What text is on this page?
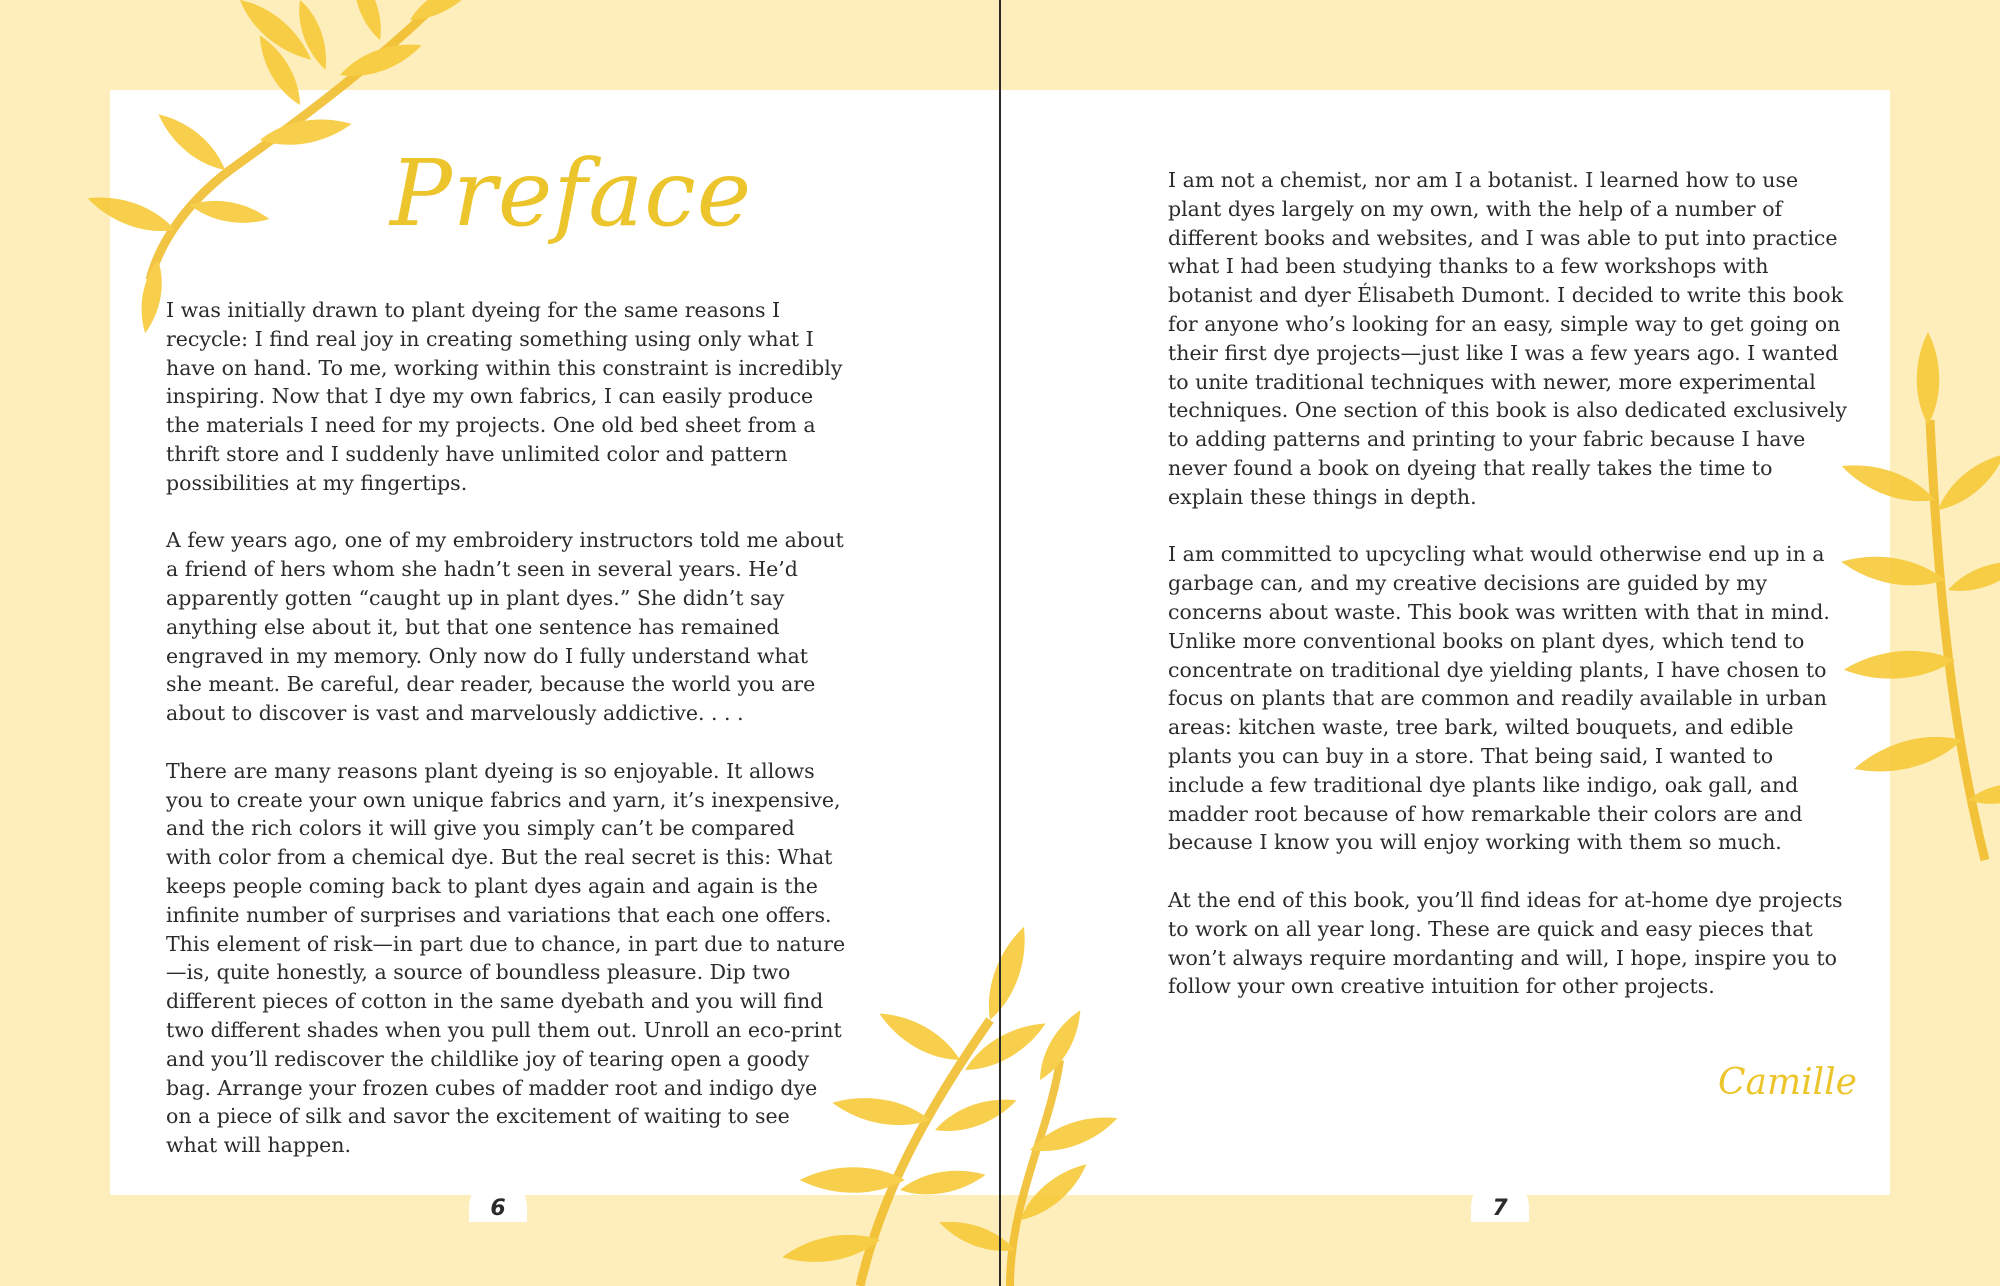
Preface

I was initially drawn to plant dyeing for the same reasons I recycle: I find real joy in creating something using only what I have on hand. To me, working within this constraint is incredibly inspiring. Now that I dye my own fabrics, I can easily produce the materials I need for my projects. One old bed sheet from a thrift store and I suddenly have unlimited color and pattern possibilities at my fingertips.

A few years ago, one of my embroidery instructors told me about a friend of hers whom she hadn’t seen in several years. He’d apparently gotten “caught up in plant dyes.” She didn’t say anything else about it, but that one sentence has remained engraved in my memory. Only now do I fully understand what she meant. Be careful, dear reader, because the world you are about to discover is vast and marvelously addictive. . . .

There are many reasons plant dyeing is so enjoyable. It allows you to create your own unique fabrics and yarn, it’s inexpensive, and the rich colors it will give you simply can’t be compared with color from a chemical dye. But the real secret is this: What keeps people coming back to plant dyes again and again is the infinite number of surprises and variations that each one offers. This element of risk—in part due to chance, in part due to nature—is, quite honestly, a source of boundless pleasure. Dip two different pieces of cotton in the same dyebath and you will find two different shades when you pull them out. Unroll an eco-print and you’ll rediscover the childlike joy of tearing open a goody bag. Arrange your frozen cubes of madder root and indigo dye on a piece of silk and savor the excitement of waiting to see what will happen.

I am not a chemist, nor am I a botanist. I learned how to use plant dyes largely on my own, with the help of a number of different books and websites, and I was able to put into practice what I had been studying thanks to a few workshops with botanist and dyer Élisabeth Dumont. I decided to write this book for anyone who’s looking for an easy, simple way to get going on their first dye projects—just like I was a few years ago. I wanted to unite traditional techniques with newer, more experimental techniques. One section of this book is also dedicated exclusively to adding patterns and printing to your fabric because I have never found a book on dyeing that really takes the time to explain these things in depth.

I am committed to upcycling what would otherwise end up in a garbage can, and my creative decisions are guided by my concerns about waste. This book was written with that in mind. Unlike more conventional books on plant dyes, which tend to concentrate on traditional dye yielding plants, I have chosen to focus on plants that are common and readily available in urban areas: kitchen waste, tree bark, wilted bouquets, and edible plants you can buy in a store. That being said, I wanted to include a few traditional dye plants like indigo, oak gall, and madder root because of how remarkable their colors are and because I know you will enjoy working with them so much.

At the end of this book, you’ll find ideas for at-home dye projects to work on all year long. These are quick and easy pieces that won’t always require mordanting and will, I hope, inspire you to follow your own creative intuition for other projects.

Camille
6	7
